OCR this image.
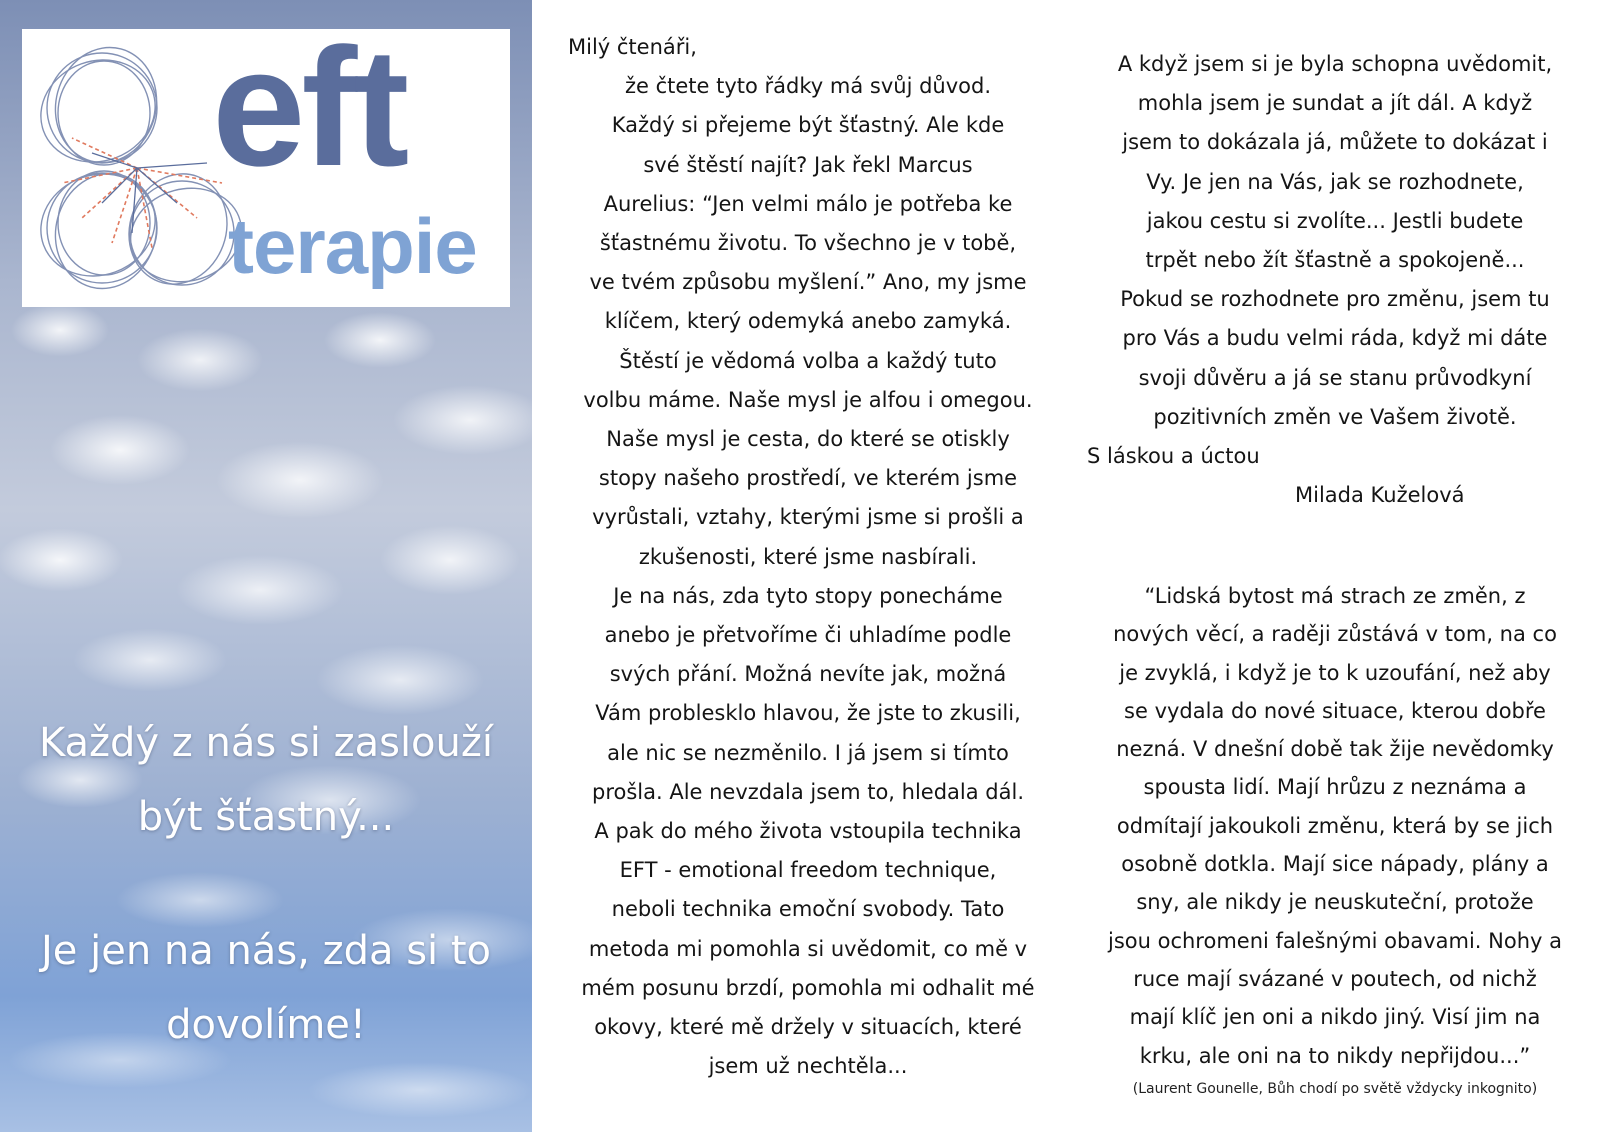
eft
terapie
Každý z nás si zaslouží
být šťastný...
Je jen na nás, zda si to
dovolíme!
Milý čtenáři,
že čtete tyto řádky má svůj důvod.
Každý si přejeme být šťastný. Ale kde
své štěstí najít? Jak řekl Marcus
Aurelius: “Jen velmi málo je potřeba ke
šťastnému životu. To všechno je v tobě,
ve tvém způsobu myšlení.” Ano, my jsme
klíčem, který odemyká anebo zamyká.
Štěstí je vědomá volba a každý tuto
volbu máme. Naše mysl je alfou i omegou.
Naše mysl je cesta, do které se otiskly
stopy našeho prostředí, ve kterém jsme
vyrůstali, vztahy, kterými jsme si prošli a
zkušenosti, které jsme nasbírali.
Je na nás, zda tyto stopy ponecháme
anebo je přetvoříme či uhladíme podle
svých přání. Možná nevíte jak, možná
Vám problesklo hlavou, že jste to zkusili,
ale nic se nezměnilo. I já jsem si tímto
prošla. Ale nevzdala jsem to, hledala dál.
A pak do mého života vstoupila technika
EFT - emotional freedom technique,
neboli technika emoční svobody. Tato
metoda mi pomohla si uvědomit, co mě v
mém posunu brzdí, pomohla mi odhalit mé
okovy, které mě držely v situacích, které
jsem už nechtěla...
A když jsem si je byla schopna uvědomit,
mohla jsem je sundat a jít dál. A když
jsem to dokázala já, můžete to dokázat i
Vy. Je jen na Vás, jak se rozhodnete,
jakou cestu si zvolíte... Jestli budete
trpět nebo žít šťastně a spokojeně...
Pokud se rozhodnete pro změnu, jsem tu
pro Vás a budu velmi ráda, když mi dáte
svoji důvěru a já se stanu průvodkyní
pozitivních změn ve Vašem životě.
S láskou a úctou
Milada Kuželová
“Lidská bytost má strach ze změn, z
nových věcí, a raději zůstává v tom, na co
je zvyklá, i když je to k uzoufání, než aby
se vydala do nové situace, kterou dobře
nezná. V dnešní době tak žije nevědomky
spousta lidí. Mají hrůzu z neznáma a
odmítají jakoukoli změnu, která by se jich
osobně dotkla. Mají sice nápady, plány a
sny, ale nikdy je neuskuteční, protože
jsou ochromeni falešnými obavami. Nohy a
ruce mají svázané v poutech, od nichž
mají klíč jen oni a nikdo jiný. Visí jim na
krku, ale oni na to nikdy nepřijdou...”
(Laurent Gounelle, Bůh chodí po světě vždycky inkognito)
